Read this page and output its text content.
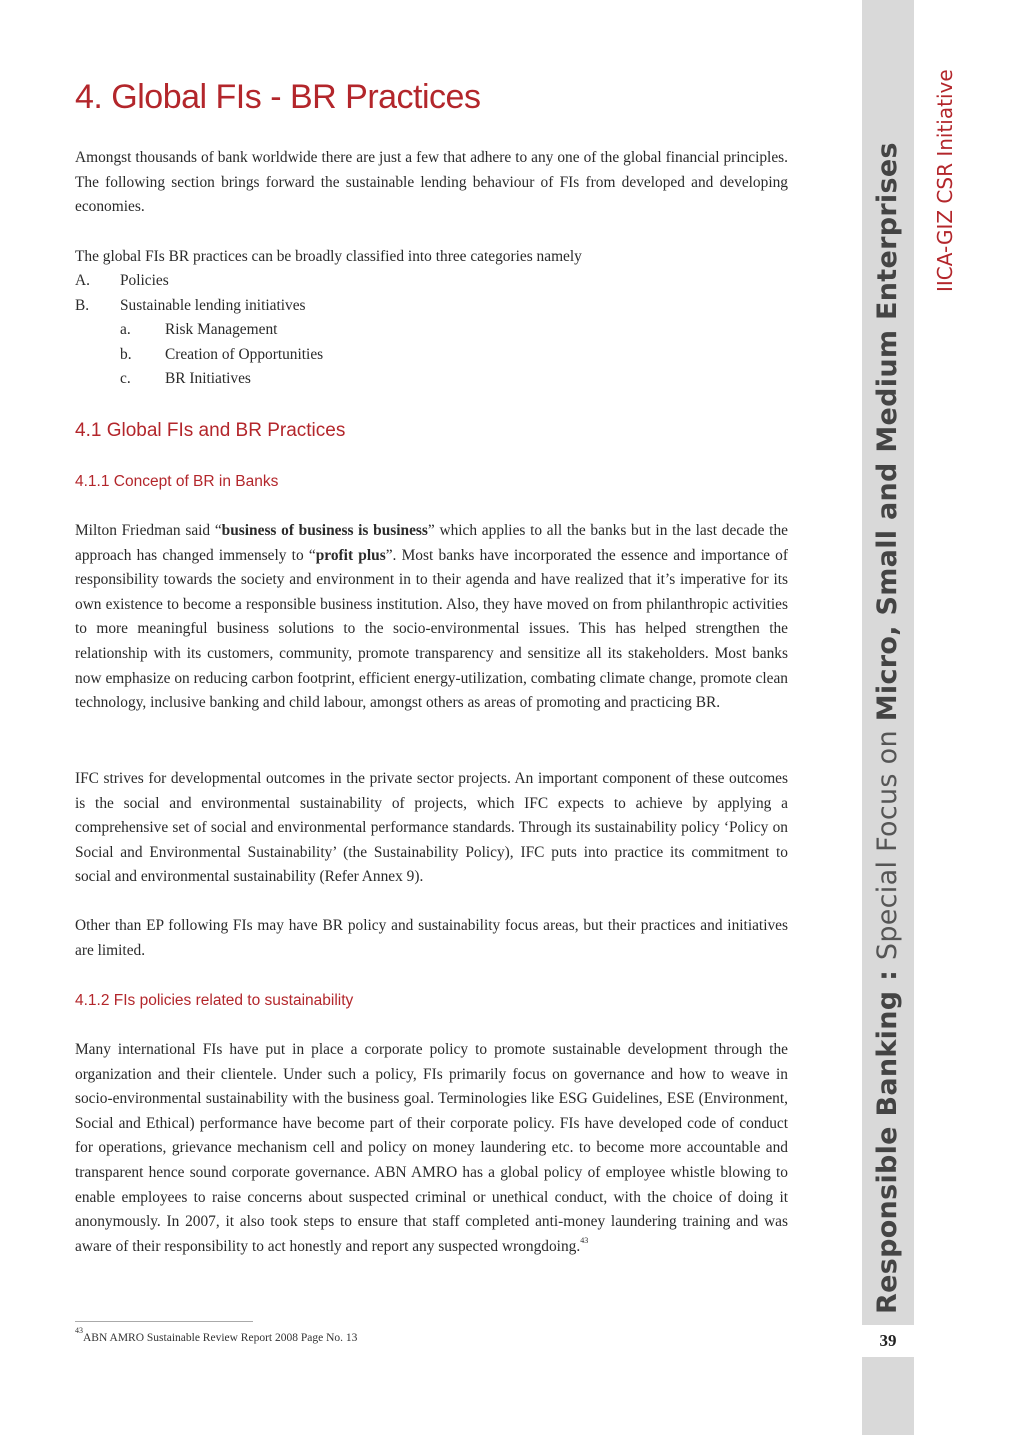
4. Global FIs - BR Practices

Amongst thousands of bank worldwide there are just a few that adhere to any one of the global financial principles. The following section brings forward the sustainable lending behaviour of FIs from developed and developing economies.

The global FIs BR practices can be broadly classified into three categories namely

A. Policies
B. Sustainable lending initiatives
a. Risk Management
b. Creation of Opportunities
c. BR Initiatives
4.1 Global FIs and BR Practices
4.1.1 Concept of BR in Banks

Milton Friedman said “business of business is business” which applies to all the banks but in the last decade the approach has changed immensely to “profit plus”. Most banks have incorporated the essence and importance of responsibility towards the society and environment in to their agenda and have realized that it’s imperative for its own existence to become a responsible business institution. Also, they have moved on from philanthropic activities to more meaningful business solutions to the socio-environmental issues. This has helped strengthen the relationship with its customers, community, promote transparency and sensitize all its stakeholders. Most banks now emphasize on reducing carbon footprint, efficient energy-utilization, combating climate change, promote clean technology, inclusive banking and child labour, amongst others as areas of promoting and practicing BR.

IFC strives for developmental outcomes in the private sector projects. An important component of these outcomes is the social and environmental sustainability of projects, which IFC expects to achieve by applying a comprehensive set of social and environmental performance standards. Through its sustainability policy ‘Policy on Social and Environmental Sustainability’ (the Sustainability Policy), IFC puts into practice its commitment to social and environmental sustainability (Refer Annex 9).

Other than EP following FIs may have BR policy and sustainability focus areas, but their practices and initiatives are limited.

4.1.2 FIs policies related to sustainability

Many international FIs have put in place a corporate policy to promote sustainable development through the organization and their clientele. Under such a policy, FIs primarily focus on governance and how to weave in socio-environmental sustainability with the business goal. Terminologies like ESG Guidelines, ESE (Environment, Social and Ethical) performance have become part of their corporate policy. FIs have developed code of conduct for operations, grievance mechanism cell and policy on money laundering etc. to become more accountable and transparent hence sound corporate governance. ABN AMRO has a global policy of employee whistle blowing to enable employees to raise concerns about suspected criminal or unethical conduct, with the choice of doing it anonymously. In 2007, it also took steps to ensure that staff completed anti-money laundering training and was aware of their responsibility to act honestly and report any suspected wrongdoing.$^{43}$

$^{43}$ABN AMRO Sustainable Review Report 2008 Page No. 13
Responsible Banking : Special Focus on Micro, Small and Medium Enterprises	IICA-GIZ CSR Initiative
39
